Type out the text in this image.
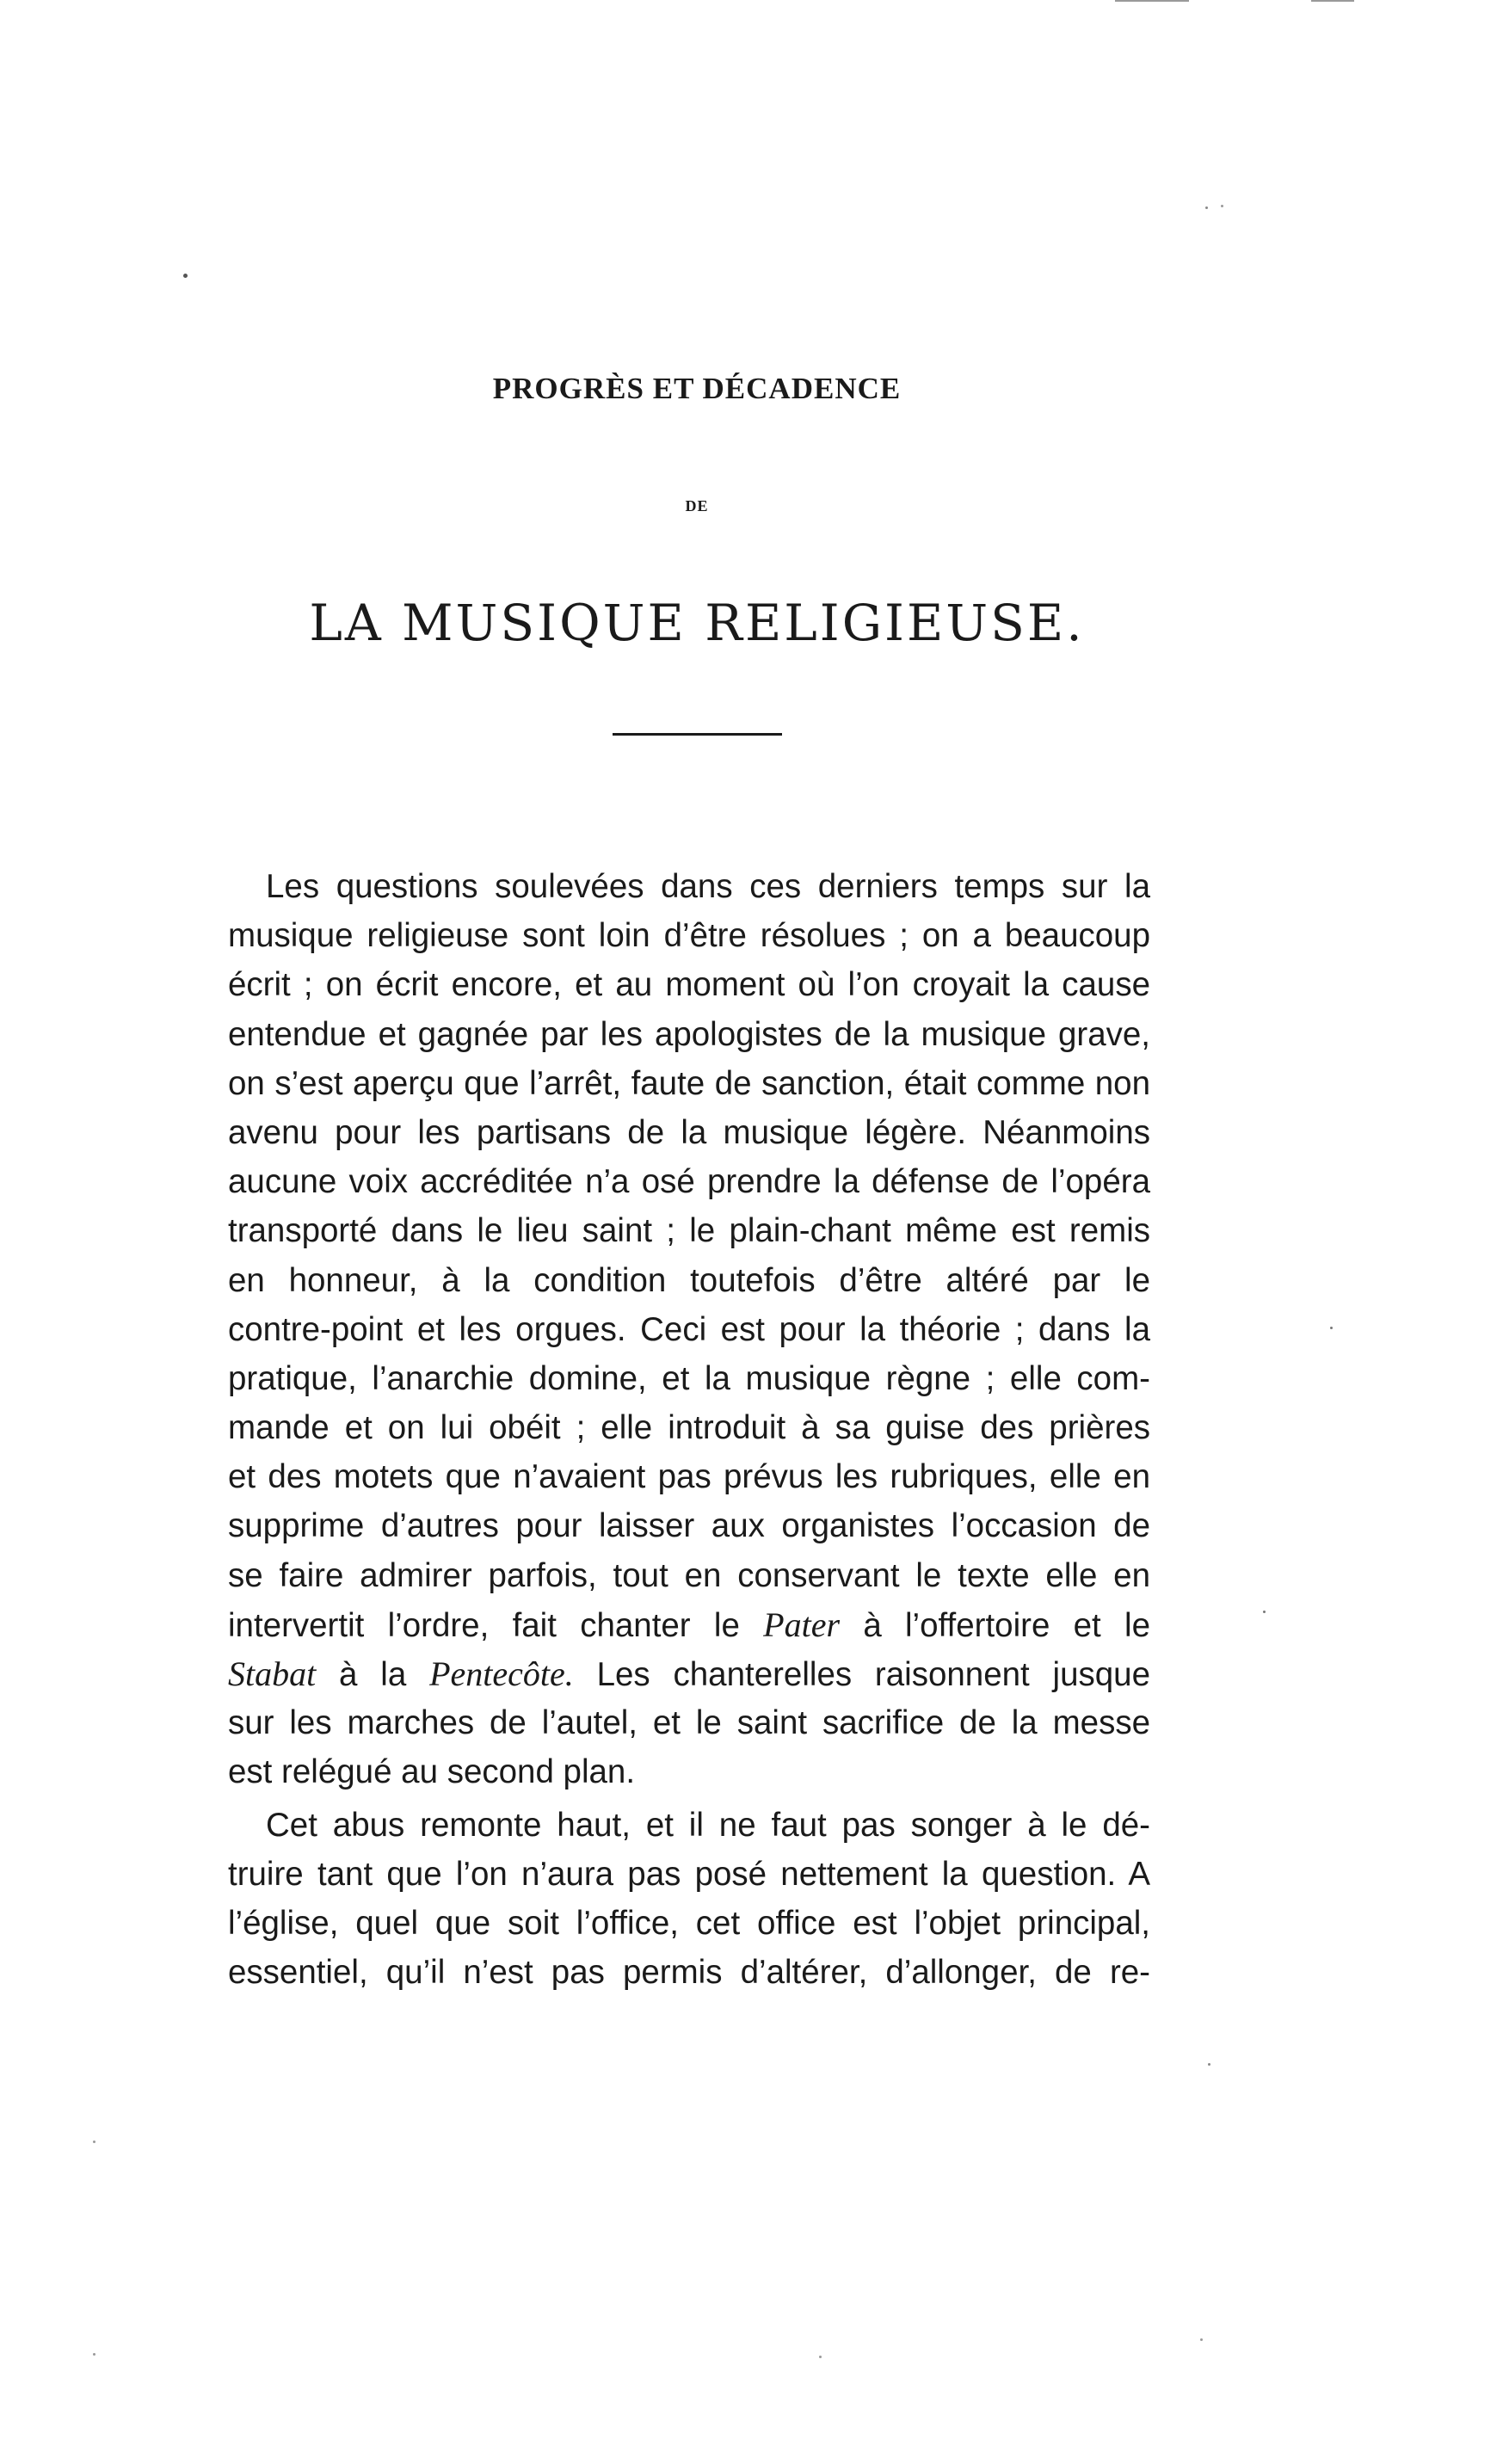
PROGRÈS ET DÉCADENCE
DE
LA MUSIQUE RELIGIEUSE.
Les questions soulevées dans ces derniers temps sur la
musique religieuse sont loin d’être résolues ; on a beaucoup
écrit ; on écrit encore, et au moment où l’on croyait la cause
entendue et gagnée par les apologistes de la musique grave,
on s’est aperçu que l’arrêt, faute de sanction, était comme non
avenu pour les partisans de la musique légère. Néanmoins
aucune voix accréditée n’a osé prendre la défense de l’opéra
transporté dans le lieu saint ; le plain-chant même est remis
en honneur, à la condition toutefois d’être altéré par le
contre-point et les orgues. Ceci est pour la théorie ; dans la
pratique, l’anarchie domine, et la musique règne ; elle com-
mande et on lui obéit ; elle introduit à sa guise des prières
et des motets que n’avaient pas prévus les rubriques, elle en
supprime d’autres pour laisser aux organistes l’occasion de
se faire admirer parfois, tout en conservant le texte elle en
intervertit l’ordre, fait chanter le Pater à l’offertoire et le
Stabat à la Pentecôte. Les chanterelles raisonnent jusque
sur les marches de l’autel, et le saint sacrifice de la messe
est relégué au second plan.
Cet abus remonte haut, et il ne faut pas songer à le dé-
truire tant que l’on n’aura pas posé nettement la question. A
l’église, quel que soit l’office, cet office est l’objet principal,
essentiel, qu’il n’est pas permis d’altérer, d’allonger, de re-
